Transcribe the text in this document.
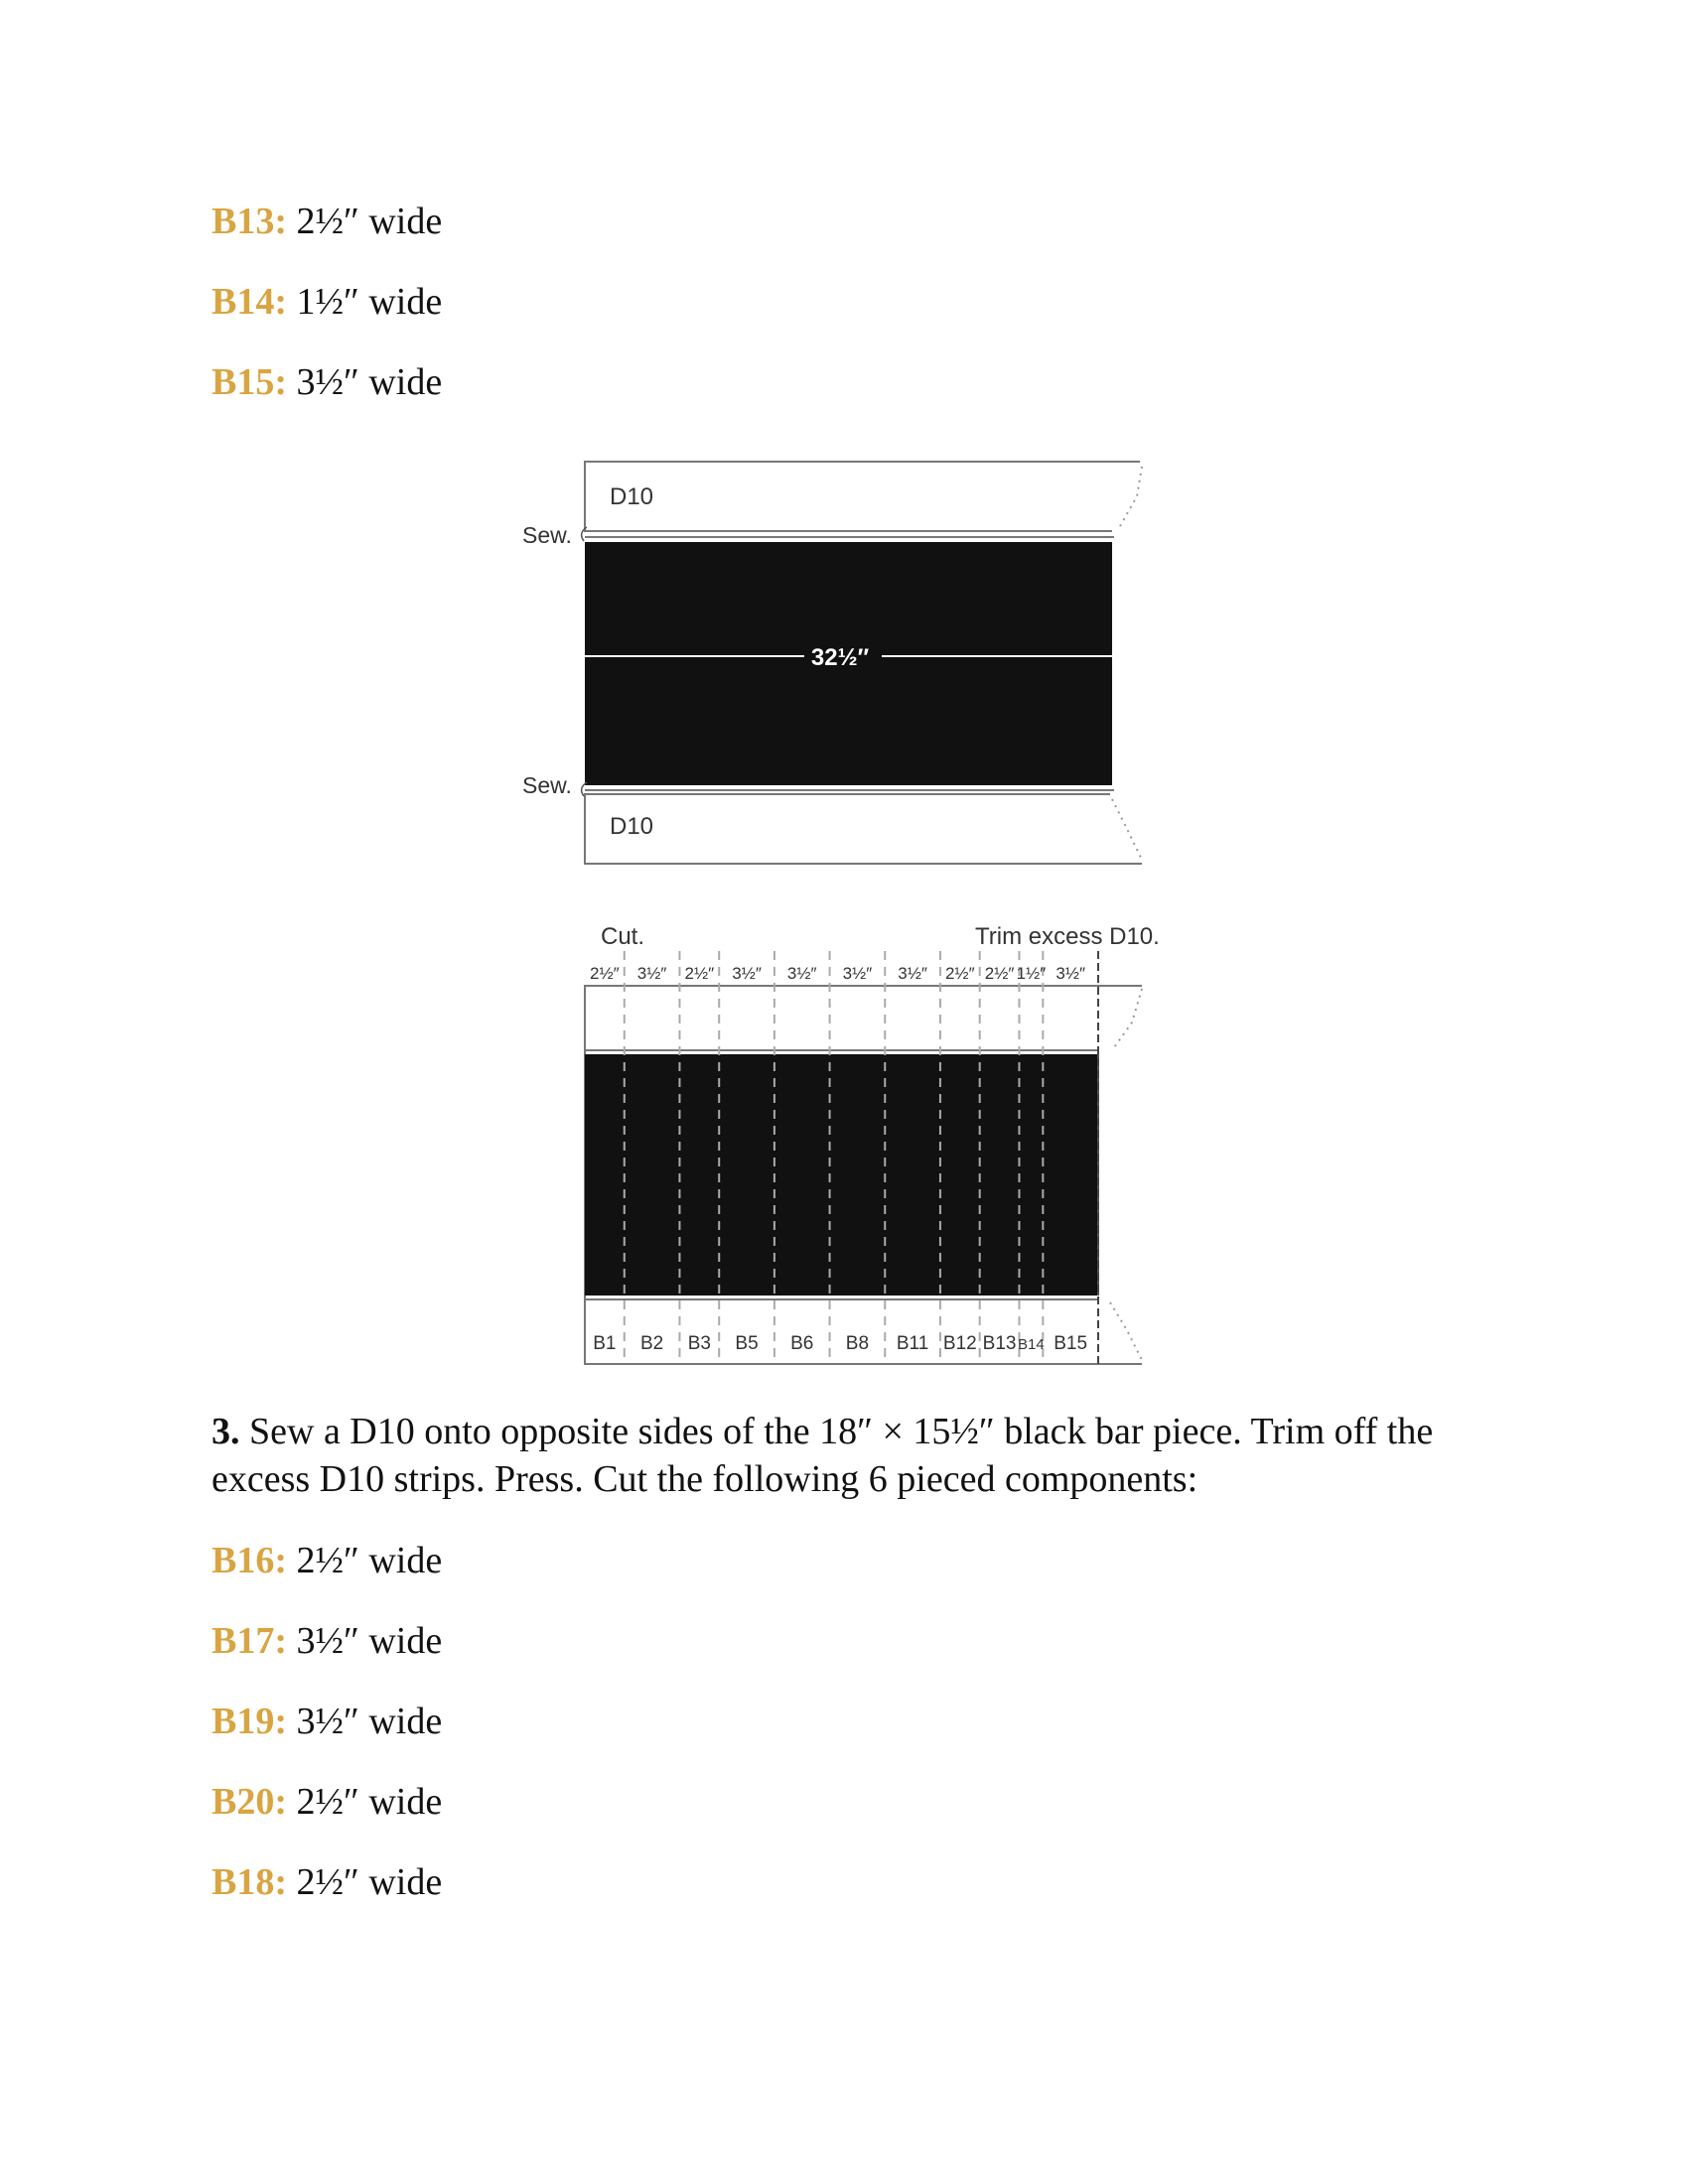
B13: 2½″ wide

B14: 1½″ wide

B15: 3½″ wide

D10
32½″
D10
Sew.
Sew.
Cut.	Trim excess D10.
2½″ 3½″ 2½″ 3½″ 3½″ 3½″ 3½″ 2½″ 2½″ 1½″ 3½″
B1 B2 B3 B5 B6 B8 B11 B12 B13 B14 B15

3. Sew a D10 onto opposite sides of the 18″ × 15½″ black bar piece. Trim off the excess D10 strips. Press. Cut the following 6 pieced components:

B16: 2½″ wide

B17: 3½″ wide

B19: 3½″ wide

B20: 2½″ wide

B18: 2½″ wide
